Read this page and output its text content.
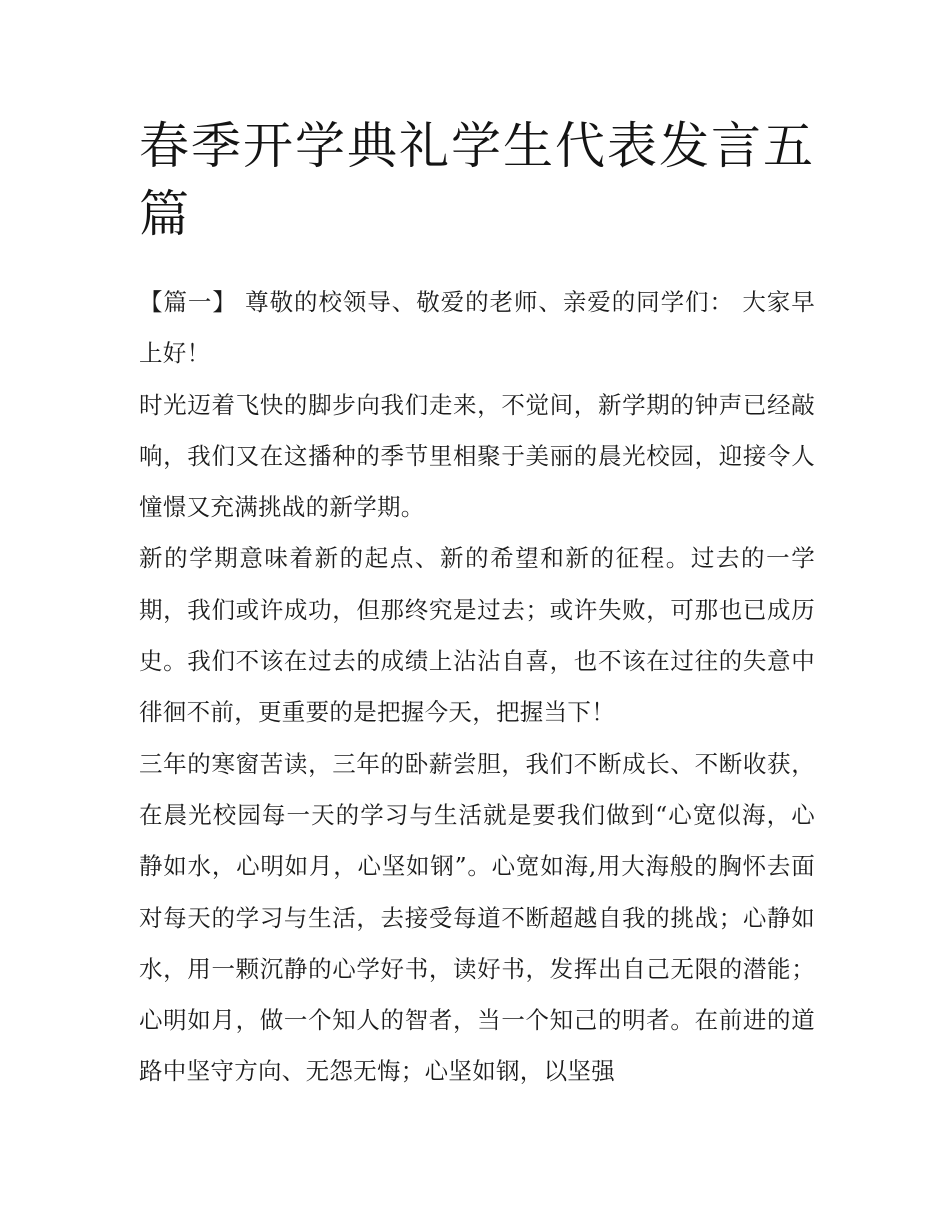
春季开学典礼学生代表发言五篇

【篇一】 尊敬的校领导、敬爱的老师、亲爱的同学们： 大家早上好！

时光迈着飞快的脚步向我们走来，不觉间，新学期的钟声已经敲响，我们又在这播种的季节里相聚于美丽的晨光校园，迎接令人憧憬又充满挑战的新学期。

新的学期意味着新的起点、新的希望和新的征程。过去的一学期，我们或许成功，但那终究是过去；或许失败，可那也已成历史。我们不该在过去的成绩上沾沾自喜，也不该在过往的失意中徘徊不前，更重要的是把握今天，把握当下！

三年的寒窗苦读，三年的卧薪尝胆，我们不断成长、不断收获，在晨光校园每一天的学习与生活就是要我们做到“心宽似海，心静如水，心明如月，心坚如钢”。心宽如海,用大海般的胸怀去面对每天的学习与生活，去接受每道不断超越自我的挑战；心静如水，用一颗沉静的心学好书，读好书，发挥出自己无限的潜能；心明如月，做一个知人的智者，当一个知己的明者。在前进的道路中坚守方向、无怨无悔；心坚如钢，以坚强
